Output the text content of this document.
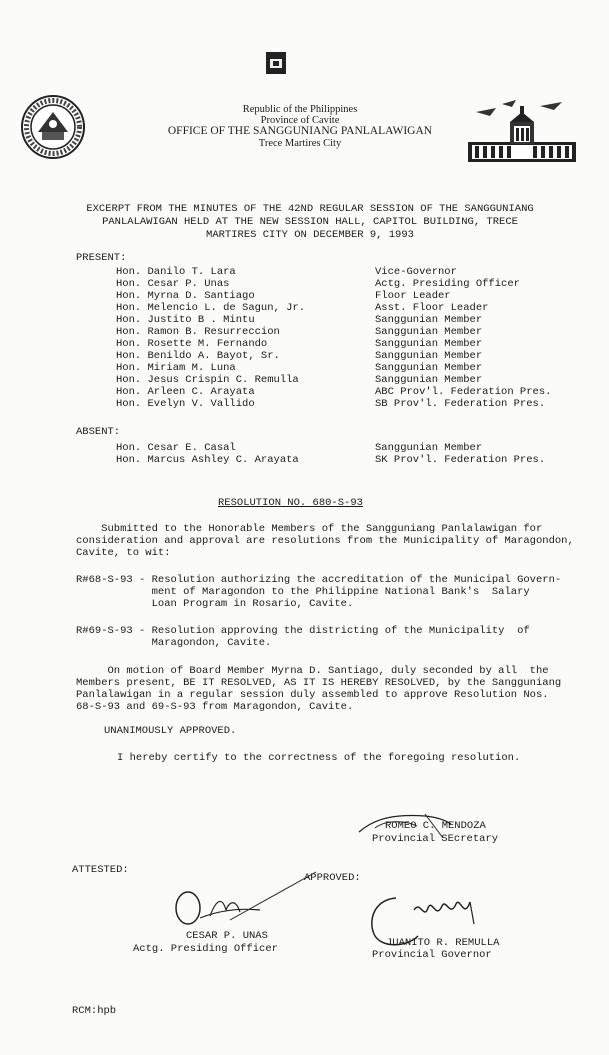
Republic of the Philippines
Province of Cavite
OFFICE OF THE SANGGUNIANG PANLALAWIGAN
Trece Martires City
EXCERPT FROM THE MINUTES OF THE 42ND REGULAR SESSION OF THE SANGGUNIANG
PANLALAWIGAN HELD AT THE NEW SESSION HALL, CAPITOL BUILDING, TRECE
MARTIRES CITY ON DECEMBER 9, 1993
PRESENT:
Hon. Danilo T. Lara	Vice-Governor
Hon. Cesar P. Unas	Actg. Presiding Officer
Hon. Myrna D. Santiago	Floor Leader
Hon. Melencio L. de Sagun, Jr.	Asst. Floor Leader
Hon. Justito B . Mintu	Sanggunian Member
Hon. Ramon B. Resurreccion	Sanggunian Member
Hon. Rosette M. Fernando	Sanggunian Member
Hon. Benildo A. Bayot, Sr.	Sanggunian Member
Hon. Miriam M. Luna	Sanggunian Member
Hon. Jesus Crispin C. Remulla	Sanggunian Member
Hon. Arleen C. Arayata	ABC Prov'l. Federation Pres.
Hon. Evelyn V. Vallido	SB Prov'l. Federation Pres.
ABSENT:
Hon. Cesar E. Casal	Sanggunian Member
Hon. Marcus Ashley C. Arayata	SK Prov'l. Federation Pres.
RESOLUTION NO. 680-S-93
Submitted to the Honorable Members of the Sangguniang Panlalawigan for
consideration and approval are resolutions from the Municipality of Maragondon,
Cavite, to wit:
R#68-S-93 - Resolution authorizing the accreditation of the Municipal Govern-
ment of Maragondon to the Philippine National Bank's  Salary
Loan Program in Rosario, Cavite.
R#69-S-93 - Resolution approving the districting of the Municipality  of
Maragondon, Cavite.
On motion of Board Member Myrna D. Santiago, duly seconded by all  the
Members present, BE IT RESOLVED, AS IT IS HEREBY RESOLVED, by the Sangguniang
Panlalawigan in a regular session duly assembled to approve Resolution Nos.
68-S-93 and 69-S-93 from Maragondon, Cavite.
UNANIMOUSLY APPROVED.
I hereby certify to the correctness of the foregoing resolution.
ROMEO C. MENDOZA
Provincial SEcretary
ATTESTED:
APPROVED:
CESAR P. UNAS
Actg. Presiding Officer	JUANITO R. REMULLA
Provincial Governor
RCM:hpb
